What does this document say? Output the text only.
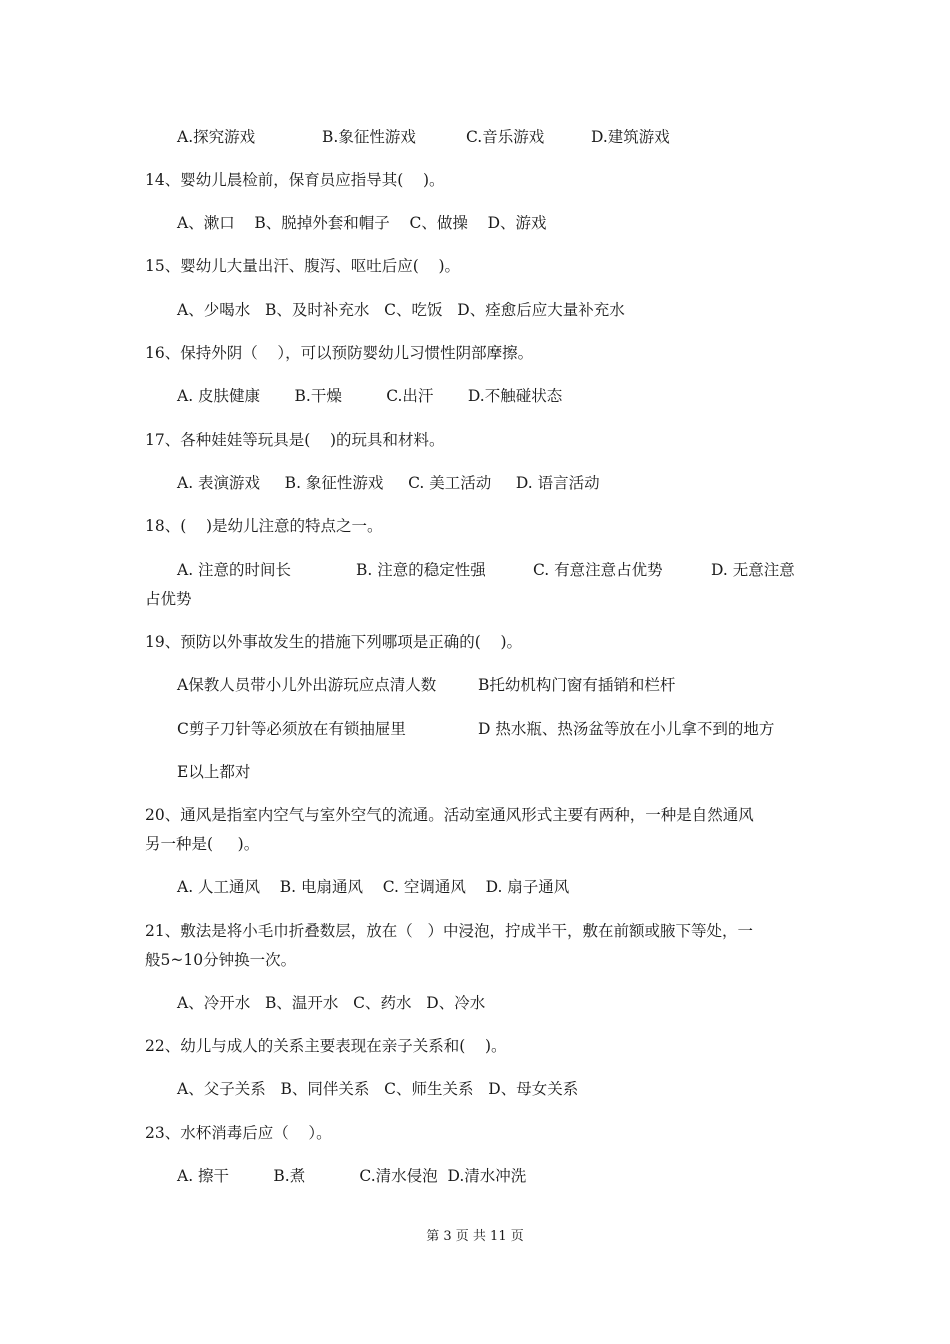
A.探究游戏	B.象征性游戏	C.音乐游戏	D.建筑游戏
14、婴幼儿晨检前，保育员应指导其(    )。
A、漱口    B、脱掉外套和帽子    C、做操    D、游戏
15、婴幼儿大量出汗、腹泻、呕吐后应(    )。
A、少喝水   B、及时补充水   C、吃饭   D、痊愈后应大量补充水
16、保持外阴（    ），可以预防婴幼儿习惯性阴部摩擦。
A. 皮肤健康       B.干燥         C.出汗       D.不触碰状态
17、各种娃娃等玩具是(    )的玩具和材料。
A. 表演游戏     B. 象征性游戏     C. 美工活动     D. 语言活动
18、(    )是幼儿注意的特点之一。
A. 注意的时间长	B. 注意的稳定性强	C. 有意注意占优势	D. 无意注意
占优势
19、预防以外事故发生的措施下列哪项是正确的(    )。
A保教人员带小儿外出游玩应点清人数	B托幼机构门窗有插销和栏杆
C剪子刀针等必须放在有锁抽屉里	D 热水瓶、热汤盆等放在小儿拿不到的地方
E以上都对
20、通风是指室内空气与室外空气的流通。活动室通风形式主要有两种，一种是自然通风
另一种是(     )。
A. 人工通风    B. 电扇通风    C. 空调通风    D. 扇子通风
21、敷法是将小毛巾折叠数层，放在（   ）中浸泡，拧成半干，敷在前额或腋下等处，一
般5~10分钟换一次。
A、冷开水   B、温开水   C、药水   D、冷水
22、幼儿与成人的关系主要表现在亲子关系和(    )。
A、父子关系   B、同伴关系   C、师生关系   D、母女关系
23、水杯消毒后应（    ）。
A. 擦干         B.煮           C.清水侵泡  D.清水冲洗
第 3 页 共 11 页
